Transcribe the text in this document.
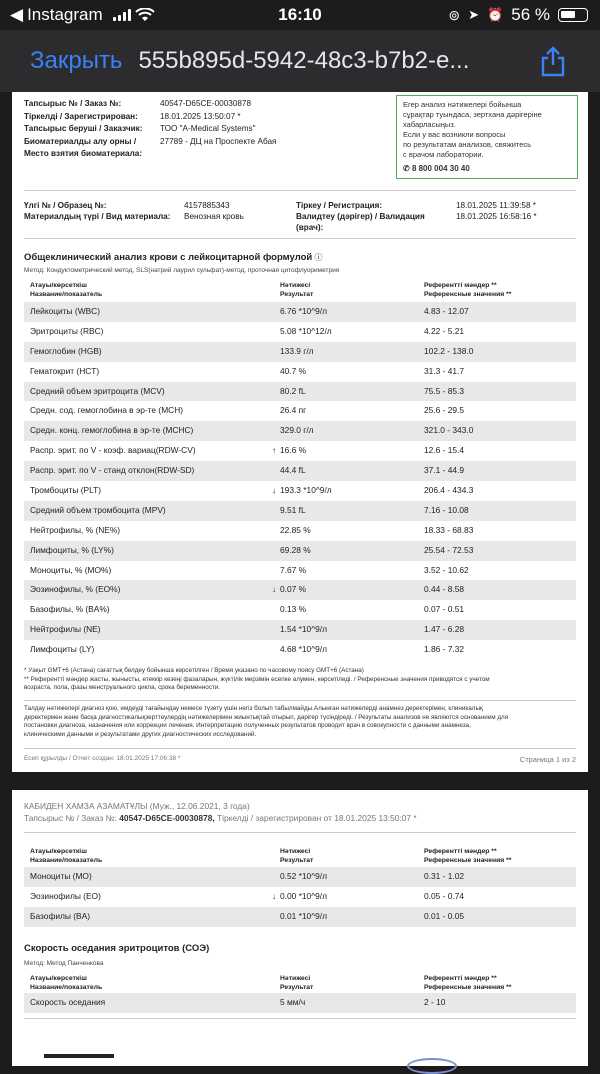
◀ Instagram	16:10	⊚ ➤ ⏰ 56 %
Закрыть 555b895d-5942-48c3-b7b2-e...
Тапсырыс № / Заказ №:	40547-D65CE-00030878
Тіркелді / Зарегистрирован:	18.01.2025 13:50:07 *
Тапсырыс беруші / Заказчик:	ТОО "A-Medical Systems"
Биоматериалды алу орны /	27789 - ДЦ на Проспекте Абая
Место взятия биоматериала:
Егер анализ нәтижелері бойынша
сұрақтар туындаса, зертхана дәрігеріне
хабарласыңыз.
Если у вас возникли вопросы
по результатам анализов, свяжитесь
с врачом лаборатории.
✆ 8 800 004 30 40
Үлгі № / Образец №:	4157885343
Материалдың түрі / Вид материала: Венозная кровь
Тіркеу / Регистрация:	18.01.2025 11:39:58 *
Валидтеу (дәрігер) / Валидация
(врач):
18.01.2025 16:58:16 *
Общеклинический анализ крови с лейкоцитарной формулой ⓘ
Метод: Кондуктометрический метод, SLS(натрий лаурил сульфат)-метод, проточная цитофлуориметрия
Атауы/көрсеткіш
Название/показатель
Нәтижесі
Результат
Референтті мәндер **
Референсные значения **
Лейкоциты (WBC)	6.76 *10^9/л	4.83 - 12.07
Эритроциты (RBC)	5.08 *10^12/л	4.22 - 5.21
Гемоглобин (HGB)	133.9 г/л	102.2 - 138.0
Гематокрит (HCT)	40.7 %	31.3 - 41.7
Средний объем эритроцита (MCV)	80.2 fL	75.5 - 85.3
Средн. сод. гемоглобина в эр-те (MCH)	26.4 пг	25.6 - 29.5
Средн. конц. гемоглобина в эр-те (MCHC)	329.0 г/л	321.0 - 343.0
Распр. эрит. по V - коэф. вариац(RDW-CV)	↑ 16.6 %	12.6 - 15.4
Распр. эрит. по V - станд отклон(RDW-SD)	44.4 fL	37.1 - 44.9
Тромбоциты (PLT)	↓ 193.3 *10^9/л	206.4 - 434.3
Средний объем тромбоцита (MPV)	9.51 fL	7.16 - 10.08
Нейтрофилы, % (NE%)	22.85 %	18.33 - 68.83
Лимфоциты, % (LY%)	69.28 %	25.54 - 72.53
Моноциты, % (MO%)	7.67 %	3.52 - 10.62
Эозинофилы, % (EO%)	↓ 0.07 %	0.44 - 8.58
Базофилы, % (BA%)	0.13 %	0.07 - 0.51
Нейтрофилы (NE)	1.54 *10^9/л	1.47 - 6.28
Лимфоциты (LY)	4.68 *10^9/л	1.86 - 7.32
* Уақыт GMT+6 (Астана) сағаттық белдеу бойынша көрсетілген / Время указано по часовому поясу GMT+6 (Астана)
** Референтті мәндер жасты, жынысты, етеккір кезеңі фазаларын, жүктілік мерзімін есепке алумен, көрсетіледі. / Референсные значения приводятся с учетом
возраста, пола, фазы менструального цикла, срока беременности.
Талдау нәтижелері диагноз қою, емдеуді тағайындау немесе түзету үшін негіз болып табылмайды.Алынған нәтижелерді анамнез деректерімен, клиникалық
деректермен және басқа диагностикалықзерттеулердің нәтижелерімен жиынтықтай отырып, дәрігер түсіндіреді. / Результаты анализов не являются основанием для
постановки диагноза, назначения или коррекции лечения. Интерпретацию полученных результатов проводит врач в совокупности с данными анамнеза,
клиническими данными и результатами других диагностических исследований.
Есеп құрылды / Отчет создан: 18.01.2025 17:06:38 *	Страница 1 из 2
КАБИДЕН ХАМЗА АЗАМАТҰЛЫ (Муж., 12.06.2021, 3 года)
Тапсырыс № / Заказ №: 40547-D65CE-00030878, Тіркелді / зарегистрирован от 18.01.2025 13:50:07 *
Атауы/көрсеткіш
Название/показатель
Нәтижесі
Результат
Референтті мәндер **
Референсные значения **
Моноциты (MO)	0.52 *10^9/л	0.31 - 1.02
Эозинофилы (EO)	↓ 0.00 *10^9/л	0.05 - 0.74
Базофилы (BA)	0.01 *10^9/л	0.01 - 0.05
Скорость оседания эритроцитов (СОЭ)
Метод: Метод Панченкова
Атауы/көрсеткіш
Название/показатель
Нәтижесі
Результат
Референтті мәндер **
Референсные значения **
Скорость оседания	5 мм/ч	2 - 10
